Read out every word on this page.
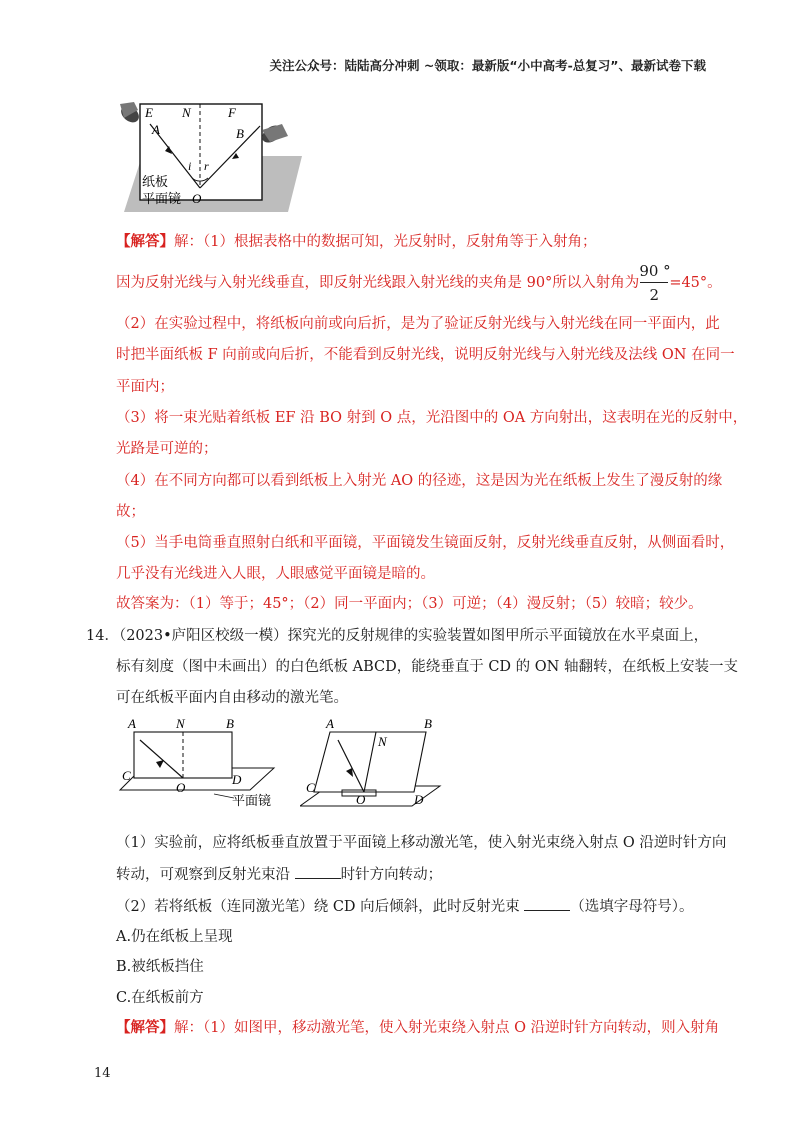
关注公众号：陆陆高分冲刺 ~领取：最新版“小中高考-总复习”、最新试卷下载
E N	F
A	B
i r
纸板
平面镜 O
【解答】解：（1）根据表格中的数据可知，光反射时，反射角等于入射角；
因为反射光线与入射光线垂直，即反射光线跟入射光线的夹角是 90°所以入射角为 $\frac{90 ^\circ}{2} =45^\circ$。
（2）在实验过程中，将纸板向前或向后折，是为了验证反射光线与入射光线在同一平面内，此
时把半面纸板 F 向前或向后折，不能看到反射光线，说明反射光线与入射光线及法线 ON 在同一
平面内；
（3）将一束光贴着纸板 EF 沿 BO 射到 O 点，光沿图中的 OA 方向射出，这表明在光的反射中，
光路是可逆的；
（4）在不同方向都可以看到纸板上入射光 AO 的径迹，这是因为光在纸板上发生了漫反射的缘
故；
（5）当手电筒垂直照射白纸和平面镜，平面镜发生镜面反射，反射光线垂直反射，从侧面看时，
几乎没有光线进入人眼，人眼感觉平面镜是暗的。
故答案为：（1）等于；45°；（2）同一平面内；（3）可逆；（4）漫反射；（5）较暗；较少。
14．（2023•庐阳区校级一模）探究光的反射规律的实验装置如图甲所示平面镜放在水平桌面上，
标有刻度（图中未画出）的白色纸板 ABCD，能绕垂直于 CD 的 ON 轴翻转，在纸板上安装一支
可在纸板平面内自由移动的激光笔。
A	N	B
C
O
D
平面镜
A
N
B
C
O	D
（1）实验前，应将纸板垂直放置于平面镜上移动激光笔，使入射光束绕入射点 O 沿逆时针方向
转动，可观察到反射光束沿	时针方向转动；
（2）若将纸板（连同激光笔）绕 CD 向后倾斜，此时反射光束	（选填字母符号）。
A.仍在纸板上呈现
B.被纸板挡住
C.在纸板前方
【解答】解：（1）如图甲，移动激光笔，使入射光束绕入射点 O 沿逆时针方向转动，则入射角
14
